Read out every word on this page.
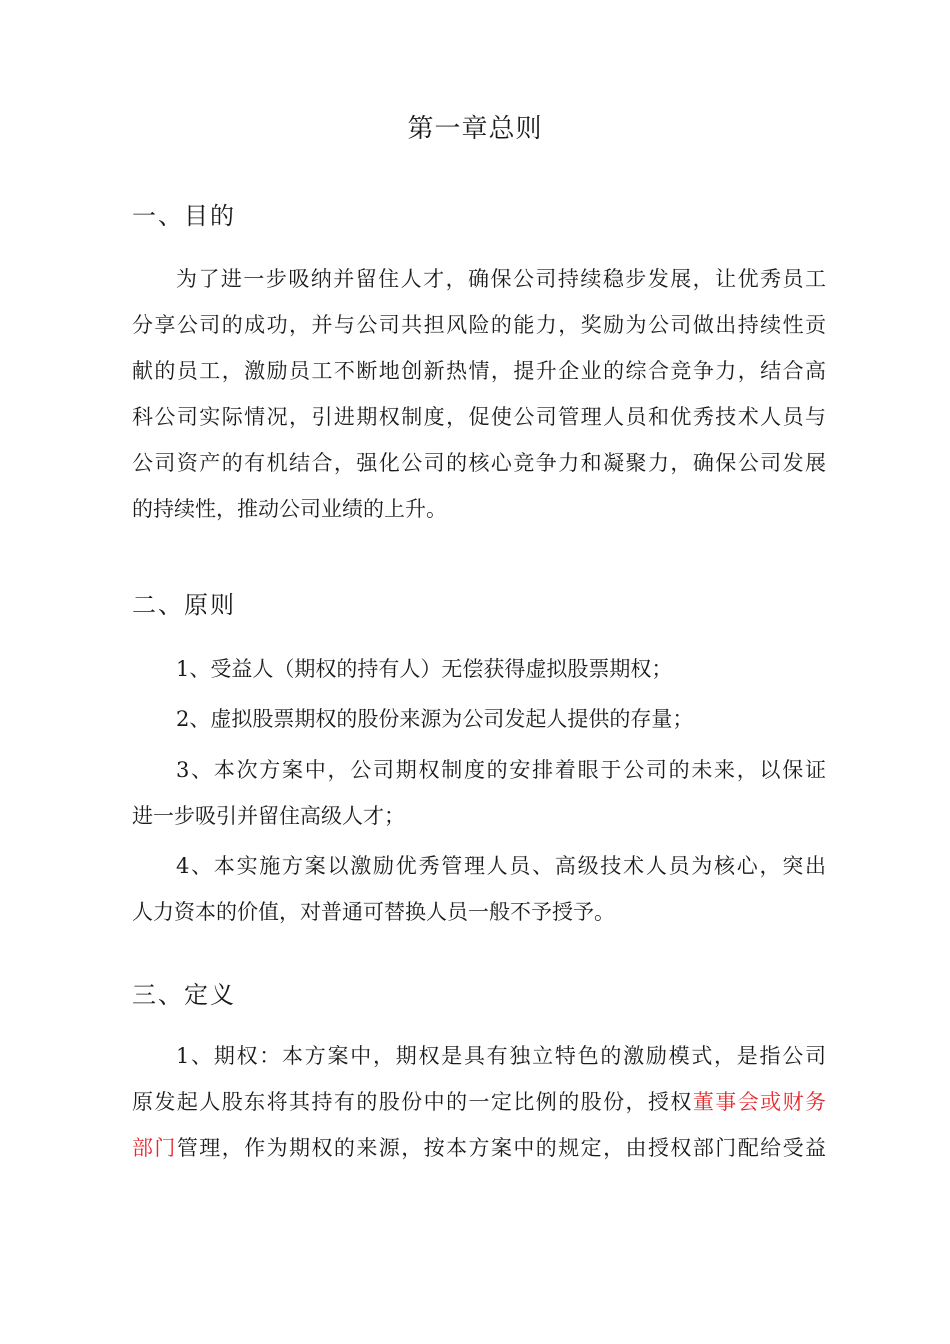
第一章总则
一、目的
为了进一步吸纳并留住人才，确保公司持续稳步发展，让优秀员工
分享公司的成功，并与公司共担风险的能力，奖励为公司做出持续性贡
献的员工，激励员工不断地创新热情，提升企业的综合竞争力，结合高
科公司实际情况，引进期权制度，促使公司管理人员和优秀技术人员与
公司资产的有机结合，强化公司的核心竞争力和凝聚力，确保公司发展
的持续性，推动公司业绩的上升。
二、原则
1、受益人（期权的持有人）无偿获得虚拟股票期权；
2、虚拟股票期权的股份来源为公司发起人提供的存量；
3、本次方案中，公司期权制度的安排着眼于公司的未来，以保证
进一步吸引并留住高级人才；
4、本实施方案以激励优秀管理人员、高级技术人员为核心，突出
人力资本的价值，对普通可替换人员一般不予授予。
三、定义
1、期权：本方案中，期权是具有独立特色的激励模式，是指公司
原发起人股东将其持有的股份中的一定比例的股份，授权董事会或财务
部门管理，作为期权的来源，按本方案中的规定，由授权部门配给受益
